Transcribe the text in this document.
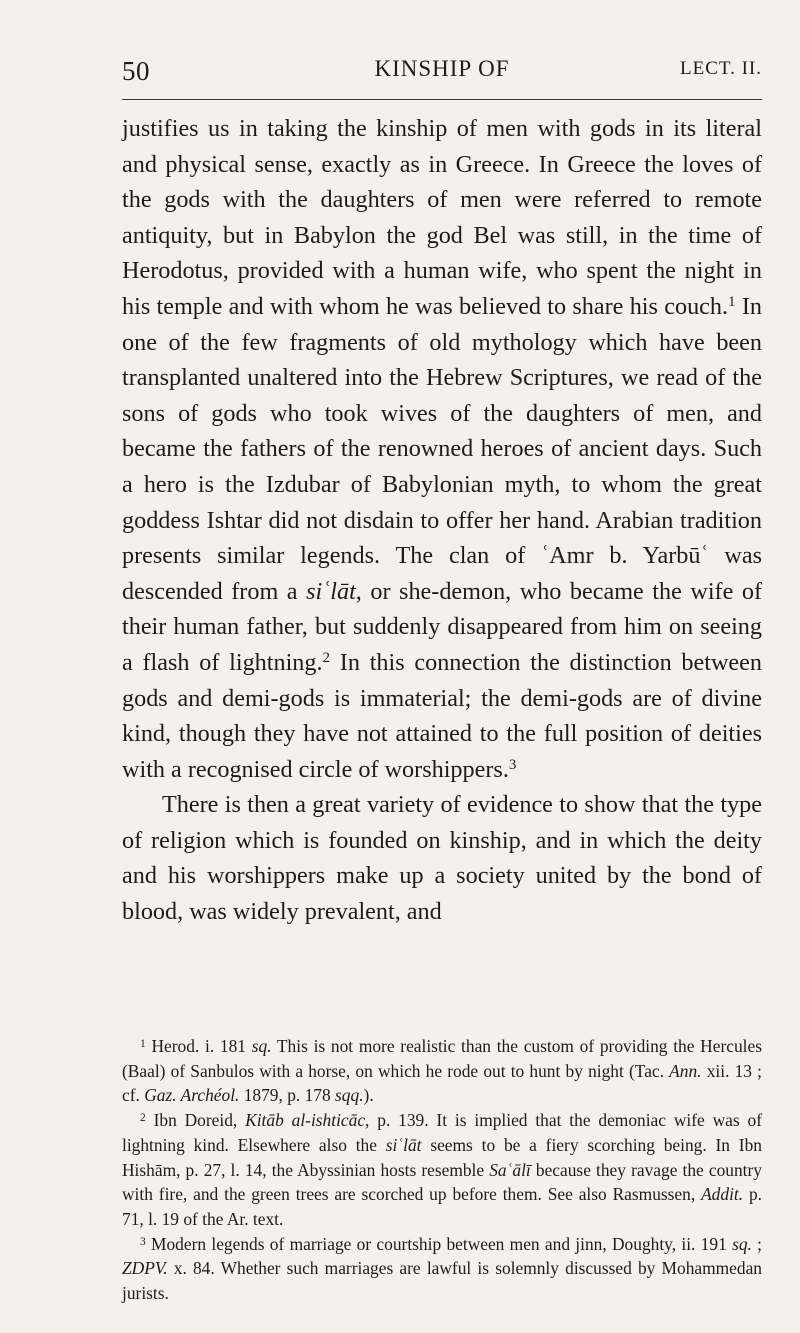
50	KINSHIP OF	LECT. II.

justifies us in taking the kinship of men with gods in its literal and physical sense, exactly as in Greece. In Greece the loves of the gods with the daughters of men were referred to remote antiquity, but in Babylon the god Bel was still, in the time of Herodotus, provided with a human wife, who spent the night in his temple and with whom he was believed to share his couch.$^1$ In one of the few fragments of old mythology which have been transplanted unaltered into the Hebrew Scriptures, we read of the sons of gods who took wives of the daughters of men, and became the fathers of the renowned heroes of ancient days. Such a hero is the Izdubar of Babylonian myth, to whom the great goddess Ishtar did not disdain to offer her hand. Arabian tradition presents similar legends. The clan of ʿAmr b. Yarbūʿ was descended from a siʿlāt, or she-demon, who became the wife of their human father, but suddenly disappeared from him on seeing a flash of lightning.$^2$ In this connection the distinction between gods and demi-gods is immaterial; the demi-gods are of divine kind, though they have not attained to the full position of deities with a recognised circle of worshippers.$^3$

There is then a great variety of evidence to show that the type of religion which is founded on kinship, and in which the deity and his worshippers make up a society united by the bond of blood, was widely prevalent, and

$^1$ Herod. i. 181 sq. This is not more realistic than the custom of providing the Hercules (Baal) of Sanbulos with a horse, on which he rode out to hunt by night (Tac. Ann. xii. 13 ; cf. Gaz. Archéol. 1879, p. 178 sqq.).

$^2$ Ibn Doreid, Kitāb al-ishticāc, p. 139. It is implied that the demoniac wife was of lightning kind. Elsewhere also the siʿlāt seems to be a fiery scorching being. In Ibn Hishām, p. 27, l. 14, the Abyssinian hosts resemble Saʿālī because they ravage the country with fire, and the green trees are scorched up before them. See also Rasmussen, Addit. p. 71, l. 19 of the Ar. text.

$^3$ Modern legends of marriage or courtship between men and jinn, Doughty, ii. 191 sq. ; ZDPV. x. 84. Whether such marriages are lawful is solemnly discussed by Mohammedan jurists.
